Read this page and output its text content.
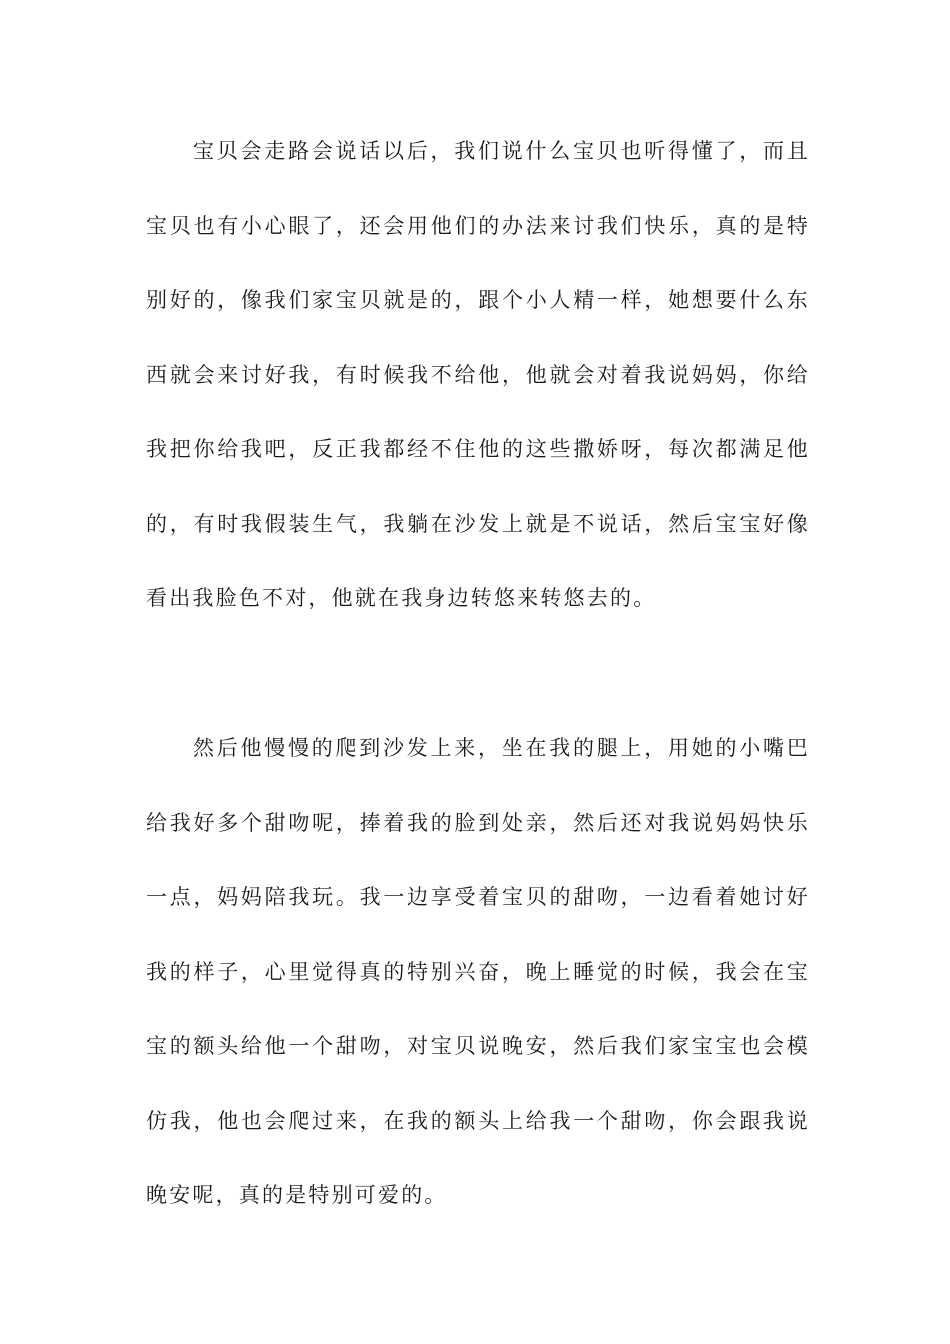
宝贝会走路会说话以后，我们说什么宝贝也听得懂了，而且宝贝也有小心眼了，还会用他们的办法来讨我们快乐，真的是特别好的，像我们家宝贝就是的，跟个小人精一样，她想要什么东西就会来讨好我，有时候我不给他，他就会对着我说妈妈，你给我把你给我吧，反正我都经不住他的这些撒娇呀，每次都满足他的，有时我假装生气，我躺在沙发上就是不说话，然后宝宝好像看出我脸色不对，他就在我身边转悠来转悠去的。

然后他慢慢的爬到沙发上来，坐在我的腿上，用她的小嘴巴给我好多个甜吻呢，捧着我的脸到处亲，然后还对我说妈妈快乐一点，妈妈陪我玩。我一边享受着宝贝的甜吻，一边看着她讨好我的样子，心里觉得真的特别兴奋，晚上睡觉的时候，我会在宝宝的额头给他一个甜吻，对宝贝说晚安，然后我们家宝宝也会模仿我，他也会爬过来，在我的额头上给我一个甜吻，你会跟我说晚安呢，真的是特别可爱的。
